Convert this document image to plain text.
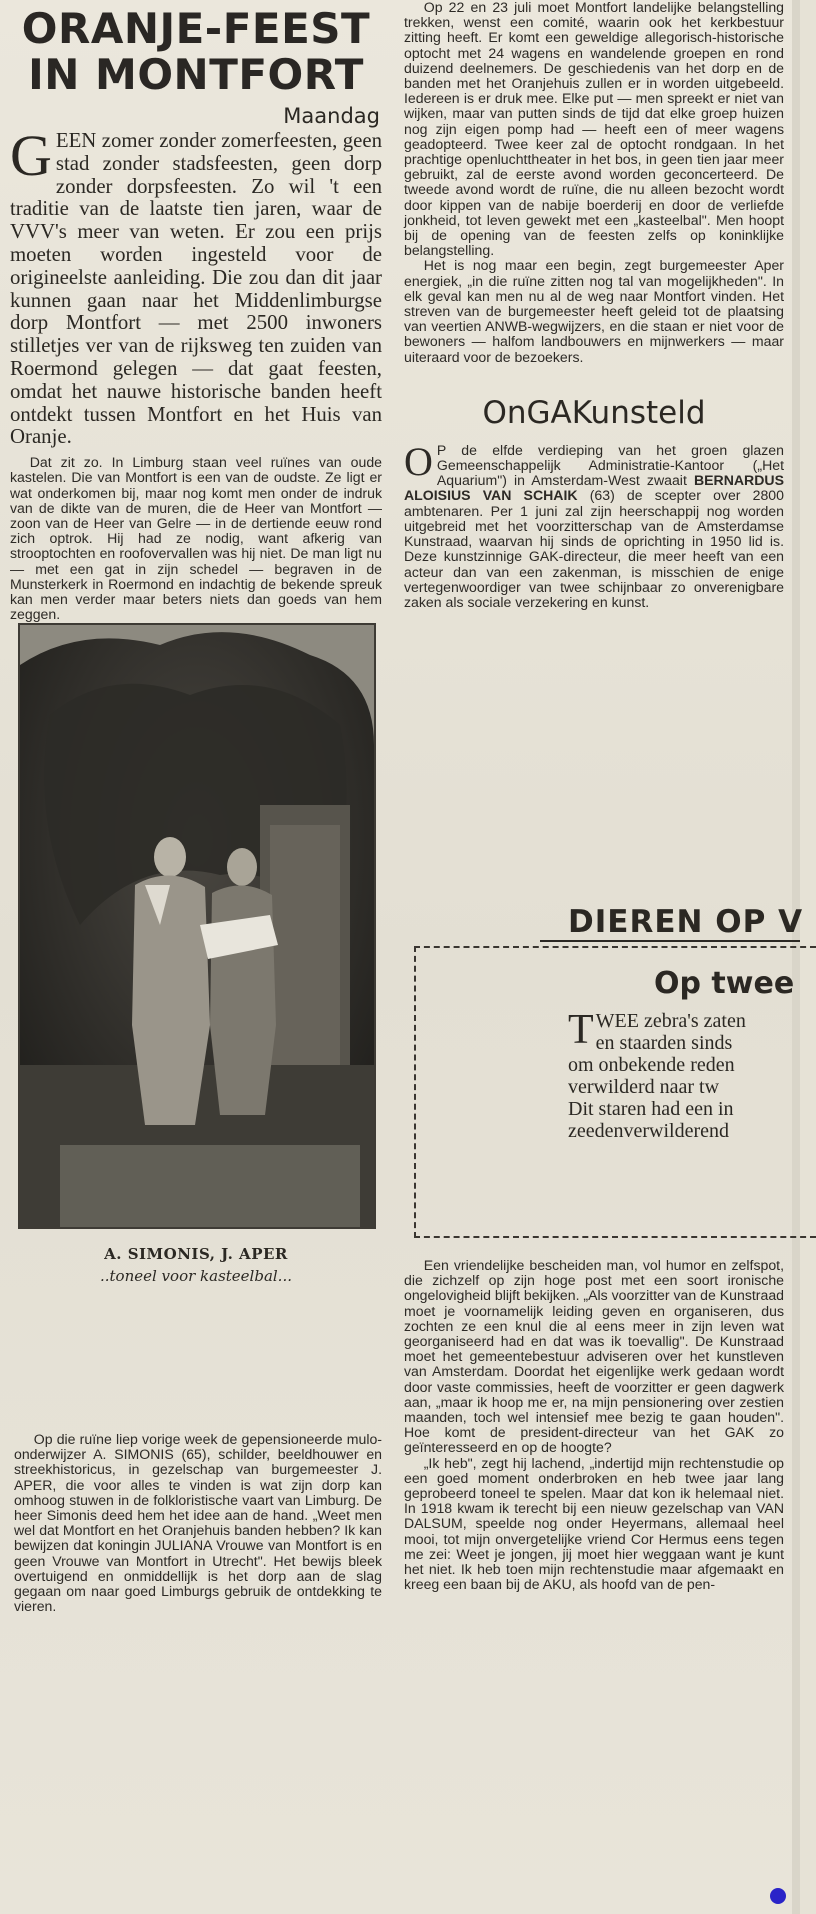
ORANJE-FEEST IN MONTFORT
Maandag

GEEN zomer zonder zomerfeesten, geen stad zonder stadsfeesten, geen dorp zonder dorpsfeesten. Zo wil 't een traditie van de laatste tien jaren, waar de VVV's meer van weten. Er zou een prijs moeten worden ingesteld voor de origineelste aanleiding. Die zou dan dit jaar kunnen gaan naar het Middenlimburgse dorp Montfort — met 2500 inwoners stilletjes ver van de rijksweg ten zuiden van Roermond gelegen — dat gaat feesten, omdat het nauwe historische banden heeft ontdekt tussen Montfort en het Huis van Oranje.

Dat zit zo. In Limburg staan veel ruïnes van oude kastelen. Die van Montfort is een van de oudste. Ze ligt er wat onderkomen bij, maar nog komt men onder de indruk van de dikte van de muren, die de Heer van Montfort — zoon van de Heer van Gelre — in de dertiende eeuw rond zich optrok. Hij had ze nodig, want afkerig van strooptochten en roofovervallen was hij niet. De man ligt nu — met een gat in zijn schedel — begraven in de Munsterkerk in Roermond en indachtig de bekende spreuk kan men verder maar beters niets dan goeds van hem zeggen.

A. SIMONIS, J. APER
..toneel voor kasteelbal...

Op die ruïne liep vorige week de gepensioneerde mulo-onderwijzer A. SIMONIS (65), schilder, beeldhouwer en streekhistoricus, in gezelschap van burgemeester J. APER, die voor alles te vinden is wat zijn dorp kan omhoog stuwen in de folkloristische vaart van Limburg. De heer Simonis deed hem het idee aan de hand. „Weet men wel dat Montfort en het Oranjehuis banden hebben? Ik kan bewijzen dat koningin JULIANA Vrouwe van Montfort is en geen Vrouwe van Montfort in Utrecht". Het bewijs bleek overtuigend en onmiddellijk is het dorp aan de slag gegaan om naar goed Limburgs gebruik de ontdekking te vieren.

Op 22 en 23 juli moet Montfort landelijke belangstelling trekken, wenst een comité, waarin ook het kerkbestuur zitting heeft. Er komt een geweldige allegorisch-historische optocht met 24 wagens en wandelende groepen en rond duizend deelnemers. De geschiedenis van het dorp en de banden met het Oranjehuis zullen er in worden uitgebeeld. Iedereen is er druk mee. Elke put — men spreekt er niet van wijken, maar van putten sinds de tijd dat elke groep huizen nog zijn eigen pomp had — heeft een of meer wagens geadopteerd. Twee keer zal de optocht rondgaan. In het prachtige openluchttheater in het bos, in geen tien jaar meer gebruikt, zal de eerste avond worden geconcerteerd. De tweede avond wordt de ruïne, die nu alleen bezocht wordt door kippen van de nabije boerderij en door de verliefde jonkheid, tot leven gewekt met een „kasteelbal". Men hoopt bij de opening van de feesten zelfs op koninklijke belangstelling.

Het is nog maar een begin, zegt burgemeester Aper energiek, „in die ruïne zitten nog tal van mogelijkheden". In elk geval kan men nu al de weg naar Montfort vinden. Het streven van de burgemeester heeft geleid tot de plaatsing van veertien ANWB-wegwijzers, en die staan er niet voor de bewoners — halfom landbouwers en mijnwerkers — maar uiteraard voor de bezoekers.

OnGAKunsteld

O P de elfde verdieping van het groen glazen Gemeenschappelijk Administratie-Kantoor („Het Aquarium") in Amsterdam-West zwaait BERNARDUS ALOISIUS VAN SCHAIK (63) de scepter over 2800 ambtenaren. Per 1 juni zal zijn heerschappij nog worden uitgebreid met het voorzitterschap van de Amsterdamse Kunstraad, waarvan hij sinds de oprichting in 1950 lid is. Deze kunstzinnige GAK-directeur, die meer heeft van een acteur dan van een zakenman, is misschien de enige vertegenwoordiger van twee schijnbaar zo onverenigbare zaken als sociale verzekering en kunst.

DIEREN OP V
Op twee
T WEE zebra's zaten
en staarden sinds
om onbekende reden
verwilderd naar tw
Dit staren had een in
zeedenverwilderend

Een vriendelijke bescheiden man, vol humor en zelfspot, die zichzelf op zijn hoge post met een soort ironische ongelovigheid blijft bekijken. „Als voorzitter van de Kunstraad moet je voornamelijk leiding geven en organiseren, dus zochten ze een knul die al eens meer in zijn leven wat georganiseerd had en dat was ik toevallig". De Kunstraad moet het gemeentebestuur adviseren over het kunstleven van Amsterdam. Doordat het eigenlijke werk gedaan wordt door vaste commissies, heeft de voorzitter er geen dagwerk aan, „maar ik hoop me er, na mijn pensionering over zestien maanden, toch wel intensief mee bezig te gaan houden". Hoe komt de president-directeur van het GAK zo geïnteresseerd en op de hoogte?

„Ik heb", zegt hij lachend, „indertijd mijn rechtenstudie op een goed moment onderbroken en heb twee jaar lang geprobeerd toneel te spelen. Maar dat kon ik helemaal niet. In 1918 kwam ik terecht bij een nieuw gezelschap van VAN DALSUM, speelde nog onder Heyermans, allemaal heel mooi, tot mijn onvergetelijke vriend Cor Hermus eens tegen me zei: Weet je jongen, jij moet hier weggaan want je kunt het niet. Ik heb toen mijn rechtenstudie maar afgemaakt en kreeg een baan bij de AKU, als hoofd van de pen-
